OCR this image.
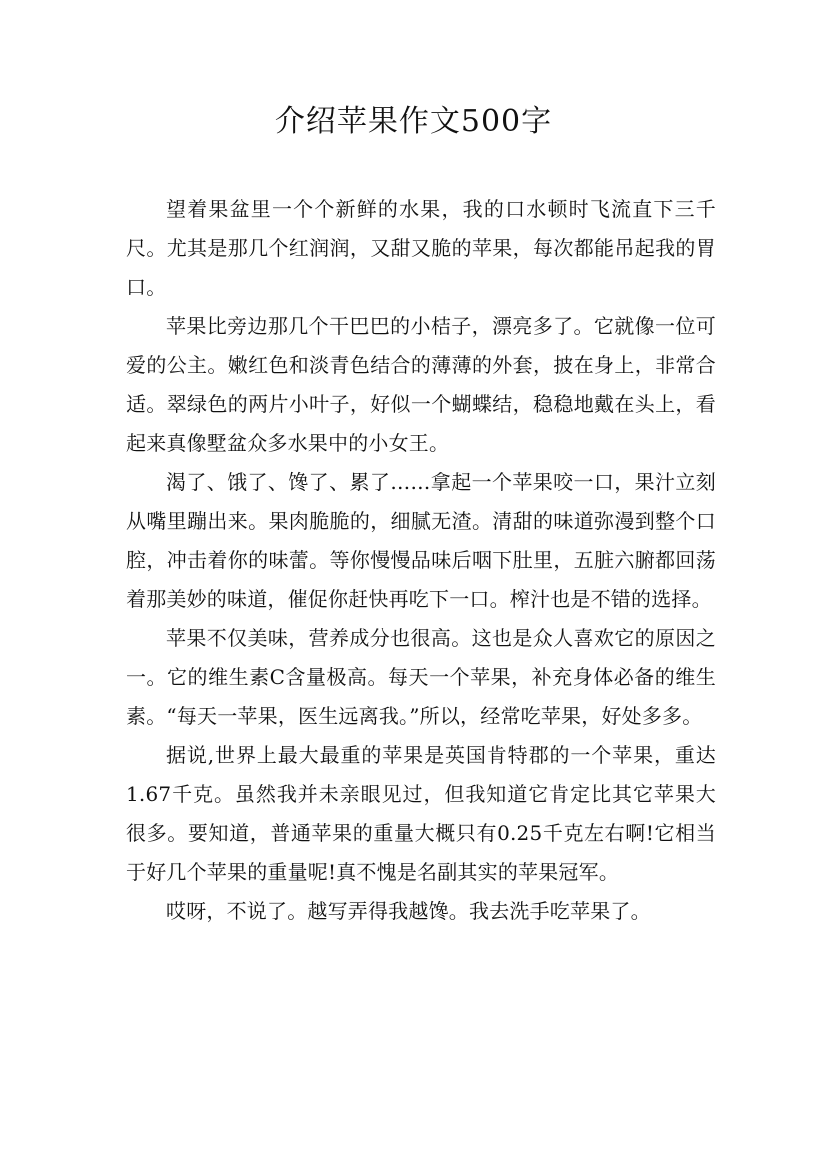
介绍苹果作文500字

望着果盆里一个个新鲜的水果，我的口水顿时飞流直下三千尺。尤其是那几个红润润，又甜又脆的苹果，每次都能吊起我的胃口。

苹果比旁边那几个干巴巴的小桔子，漂亮多了。它就像一位可爱的公主。嫩红色和淡青色结合的薄薄的外套，披在身上，非常合适。翠绿色的两片小叶子，好似一个蝴蝶结，稳稳地戴在头上，看起来真像墅盆众多水果中的小女王。

渴了、饿了、馋了、累了……拿起一个苹果咬一口，果汁立刻从嘴里蹦出来。果肉脆脆的，细腻无渣。清甜的味道弥漫到整个口腔，冲击着你的味蕾。等你慢慢品味后咽下肚里，五脏六腑都回荡着那美妙的味道，催促你赶快再吃下一口。榨汁也是不错的选择。

苹果不仅美味，营养成分也很高。这也是众人喜欢它的原因之一。它的维生素C含量极高。每天一个苹果，补充身体必备的维生素。“每天一苹果，医生远离我。”所以，经常吃苹果，好处多多。

据说,世界上最大最重的苹果是英国肯特郡的一个苹果，重达1.67千克。虽然我并未亲眼见过，但我知道它肯定比其它苹果大很多。要知道，普通苹果的重量大概只有0.25千克左右啊!它相当于好几个苹果的重量呢!真不愧是名副其实的苹果冠军。

哎呀，不说了。越写弄得我越馋。我去洗手吃苹果了。
